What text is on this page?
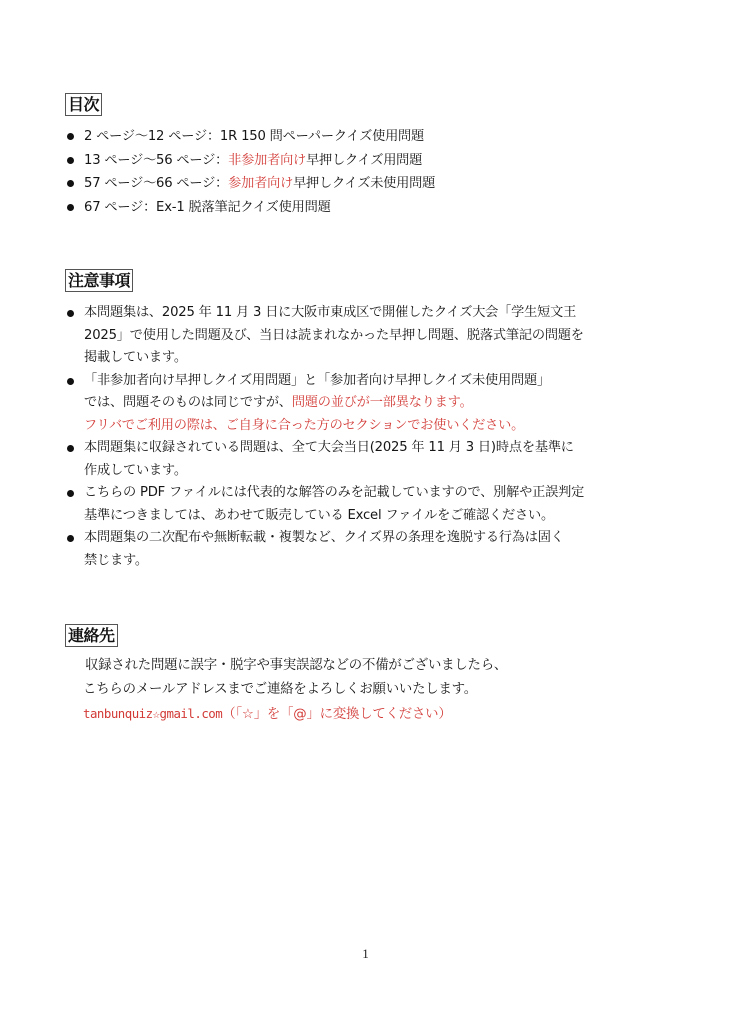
目次
2 ページ～12 ページ：1R 150 問ペーパークイズ使用問題
13 ページ～56 ページ：非参加者向け早押しクイズ用問題
57 ページ～66 ページ：参加者向け早押しクイズ未使用問題
67 ページ：Ex-1 脱落筆記クイズ使用問題
注意事項
本問題集は、2025 年 11 月 3 日に大阪市東成区で開催したクイズ大会「学生短文王
2025」で使用した問題及び、当日は読まれなかった早押し問題、脱落式筆記の問題を
掲載しています。
「非参加者向け早押しクイズ用問題」と「参加者向け早押しクイズ未使用問題」
では、問題そのものは同じですが、問題の並びが一部異なります。
フリバでご利用の際は、ご自身に合った方のセクションでお使いください。
本問題集に収録されている問題は、全て大会当日(2025 年 11 月 3 日)時点を基準に
作成しています。
こちらの PDF ファイルには代表的な解答のみを記載していますので、別解や正誤判定
基準につきましては、あわせて販売している Excel ファイルをご確認ください。
本問題集の二次配布や無断転載・複製など、クイズ界の条理を逸脱する行為は固く
禁じます。
連絡先
収録された問題に誤字・脱字や事実誤認などの不備がございましたら、
こちらのメールアドレスまでご連絡をよろしくお願いいたします。
tanbunquiz☆gmail.com（「☆」を「@」に変換してください）
1
